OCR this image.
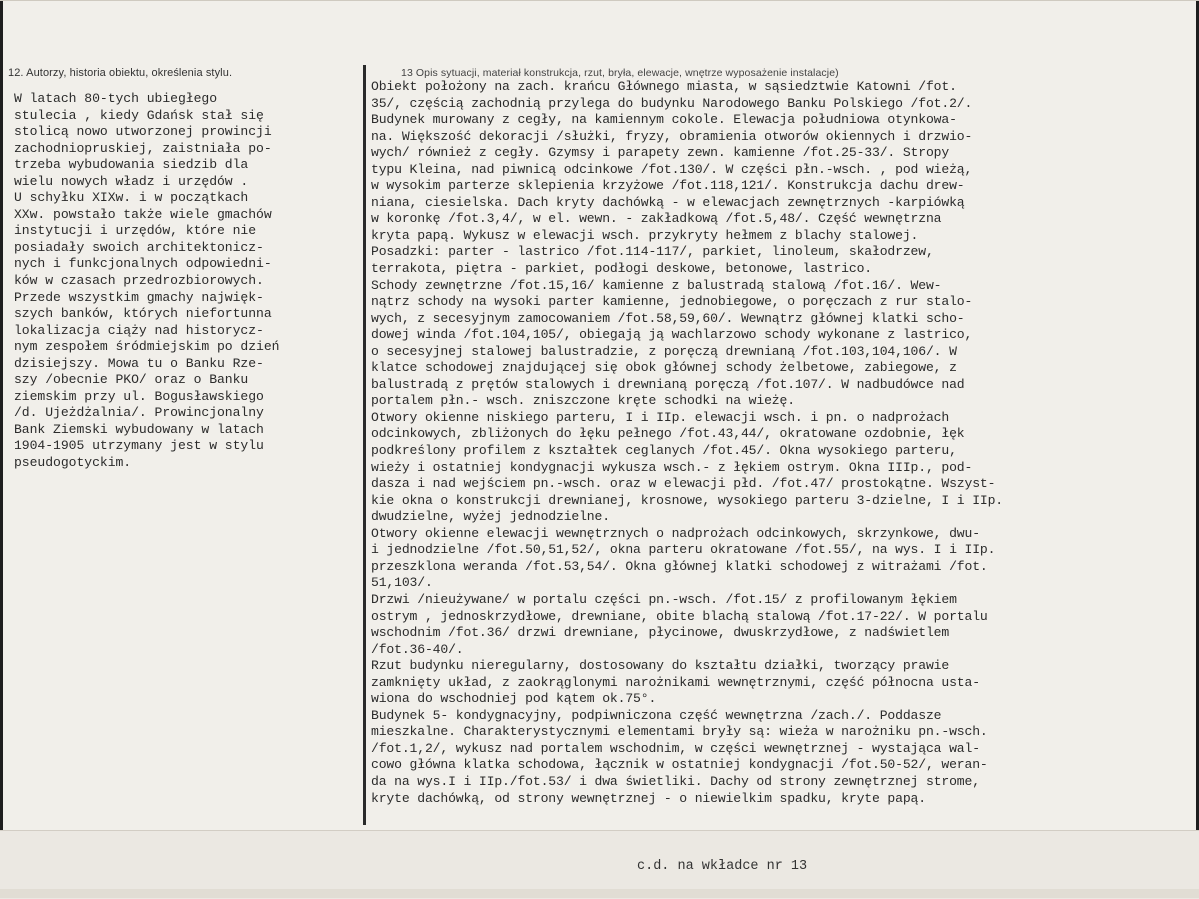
12. Autorzy, historia obiektu, określenia stylu.	13 Opis sytuacji, materiał konstrukcja, rzut, bryła, elewacje, wnętrze wyposażenie instalacje)
W latach 80-tych ubiegłego
stulecia , kiedy Gdańsk stał się
stolicą nowo utworzonej prowincji
zachodniopruskiej, zaistniała po-
trzeba wybudowania siedzib dla
wielu nowych władz i urzędów .
U schyłku XIXw. i w początkach
XXw. powstało także wiele gmachów
instytucji i urzędów, które nie
posiadały swoich architektonicz-
nych i funkcjonalnych odpowiedni-
ków w czasach przedrozbiorowych.
Przede wszystkim gmachy najwięk-
szych banków, których niefortunna
lokalizacja ciąży nad historycz-
nym zespołem śródmiejskim po dzień
dzisiejszy. Mowa tu o Banku Rze-
szy /obecnie PKO/ oraz o Banku
ziemskim przy ul. Bogusławskiego
/d. Ujeżdżalnia/. Prowincjonalny
Bank Ziemski wybudowany w latach
1904-1905 utrzymany jest w stylu
pseudogotyckim.
Obiekt położony na zach. krańcu Głównego miasta, w sąsiedztwie Katowni /fot.
35/, częścią zachodnią przylega do budynku Narodowego Banku Polskiego /fot.2/.
Budynek murowany z cegły, na kamiennym cokole. Elewacja południowa otynkowa-
na. Większość dekoracji /służki, fryzy, obramienia otworów okiennych i drzwio-
wych/ również z cegły. Gzymsy i parapety zewn. kamienne /fot.25-33/. Stropy
typu Kleina, nad piwnicą odcinkowe /fot.130/. W części płn.-wsch. , pod wieżą,
w wysokim parterze sklepienia krzyżowe /fot.118,121/. Konstrukcja dachu drew-
niana, ciesielska. Dach kryty dachówką - w elewacjach zewnętrznych -karpiówką
w koronkę /fot.3,4/, w el. wewn. - zakładkową /fot.5,48/. Część wewnętrzna
kryta papą. Wykusz w elewacji wsch. przykryty hełmem z blachy stalowej.
Posadzki: parter - lastrico /fot.114-117/, parkiet, linoleum, skałodrzew,
terrakota, piętra - parkiet, podłogi deskowe, betonowe, lastrico.
Schody zewnętrzne /fot.15,16/ kamienne z balustradą stalową /fot.16/. Wew-
nątrz schody na wysoki parter kamienne, jednobiegowe, o poręczach z rur stalo-
wych, z secesyjnym zamocowaniem /fot.58,59,60/. Wewnątrz głównej klatki scho-
dowej winda /fot.104,105/, obiegają ją wachlarzowo schody wykonane z lastrico,
o secesyjnej stalowej balustradzie, z poręczą drewnianą /fot.103,104,106/. W
klatce schodowej znajdującej się obok głównej schody żelbetowe, zabiegowe, z
balustradą z prętów stalowych i drewnianą poręczą /fot.107/. W nadbudówce nad
portalem płn.- wsch. zniszczone kręte schodki na wieżę.
Otwory okienne niskiego parteru, I i IIp. elewacji wsch. i pn. o nadprożach
odcinkowych, zbliżonych do łęku pełnego /fot.43,44/, okratowane ozdobnie, łęk
podkreślony profilem z kształtek ceglanych /fot.45/. Okna wysokiego parteru,
wieży i ostatniej kondygnacji wykusza wsch.- z łękiem ostrym. Okna IIIp., pod-
dasza i nad wejściem pn.-wsch. oraz w elewacji płd. /fot.47/ prostokątne. Wszyst-
kie okna o konstrukcji drewnianej, krosnowe, wysokiego parteru 3-dzielne, I i IIp.
dwudzielne, wyżej jednodzielne.
Otwory okienne elewacji wewnętrznych o nadprożach odcinkowych, skrzynkowe, dwu-
i jednodzielne /fot.50,51,52/, okna parteru okratowane /fot.55/, na wys. I i IIp.
przeszklona weranda /fot.53,54/. Okna głównej klatki schodowej z witrażami /fot.
51,103/.
Drzwi /nieużywane/ w portalu części pn.-wsch. /fot.15/ z profilowanym łękiem
ostrym , jednoskrzydłowe, drewniane, obite blachą stalową /fot.17-22/. W portalu
wschodnim /fot.36/ drzwi drewniane, płycinowe, dwuskrzydłowe, z nadświetlem
/fot.36-40/.
Rzut budynku nieregularny, dostosowany do kształtu działki, tworzący prawie
zamknięty układ, z zaokrąglonymi narożnikami wewnętrznymi, część północna usta-
wiona do wschodniej pod kątem ok.75°.
Budynek 5- kondygnacyjny, podpiwniczona część wewnętrzna /zach./. Poddasze
mieszkalne. Charakterystycznymi elementami bryły są: wieża w narożniku pn.-wsch.
/fot.1,2/, wykusz nad portalem wschodnim, w części wewnętrznej - wystająca wal-
cowo główna klatka schodowa, łącznik w ostatniej kondygnacji /fot.50-52/, weran-
da na wys.I i IIp./fot.53/ i dwa świetliki. Dachy od strony zewnętrznej strome,
kryte dachówką, od strony wewnętrznej - o niewielkim spadku, kryte papą.
c.d. na wkładce nr 13
